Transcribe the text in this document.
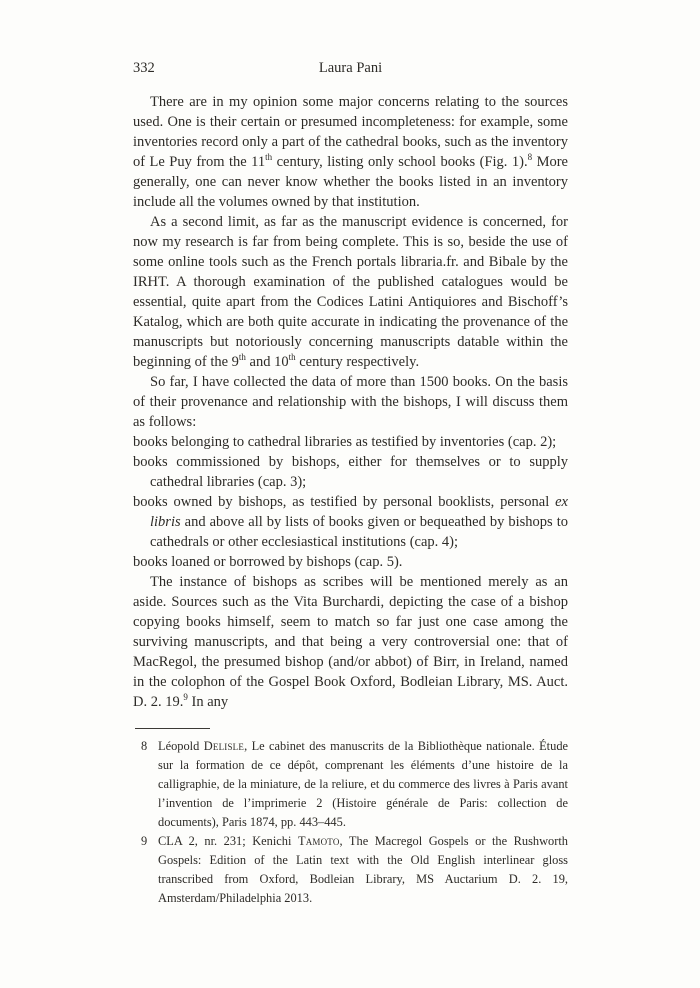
332	Laura Pani

There are in my opinion some major concerns relating to the sources used. One is their certain or presumed incompleteness: for example, some inventories record only a part of the cathedral books, such as the inventory of Le Puy from the 11th century, listing only school books (Fig. 1).$^8$ More generally, one can never know whether the books listed in an inventory include all the volumes owned by that institution.

As a second limit, as far as the manuscript evidence is concerned, for now my research is far from being complete. This is so, beside the use of some online tools such as the French portals libraria.fr. and Bibale by the IRHT. A thorough examination of the published catalogues would be essential, quite apart from the Codices Latini Antiquiores and Bischoff’s Katalog, which are both quite accurate in indicating the provenance of the manuscripts but notoriously concerning manuscripts datable within the beginning of the 9th and 10th century respectively.

So far, I have collected the data of more than 1500 books. On the basis of their provenance and relationship with the bishops, I will discuss them as follows:

books belonging to cathedral libraries as testified by inventories (cap. 2);

books commissioned by bishops, either for themselves or to supply cathedral libraries (cap. 3);

books owned by bishops, as testified by personal booklists, personal ex libris and above all by lists of books given or bequeathed by bishops to cathedrals or other ecclesiastical institutions (cap. 4);

books loaned or borrowed by bishops (cap. 5).

The instance of bishops as scribes will be mentioned merely as an aside. Sources such as the Vita Burchardi, depicting the case of a bishop copying books himself, seem to match so far just one case among the surviving manuscripts, and that being a very controversial one: that of MacRegol, the presumed bishop (and/or abbot) of Birr, in Ireland, named in the colophon of the Gospel Book Oxford, Bodleian Library, MS. Auct. D. 2. 19.$^9$ In any

8 Léopold Delisle, Le cabinet des manuscrits de la Bibliothèque nationale. Étude sur la formation de ce dépôt, comprenant les éléments d’une histoire de la calligraphie, de la miniature, de la reliure, et du commerce des livres à Paris avant l’invention de l’imprimerie 2 (Histoire générale de Paris: collection de documents), Paris 1874, pp. 443–445.

9 CLA 2, nr. 231; Kenichi Tamoto, The Macregol Gospels or the Rushworth Gospels: Edition of the Latin text with the Old English interlinear gloss transcribed from Oxford, Bodleian Library, MS Auctarium D. 2. 19, Amsterdam/Philadelphia 2013.
